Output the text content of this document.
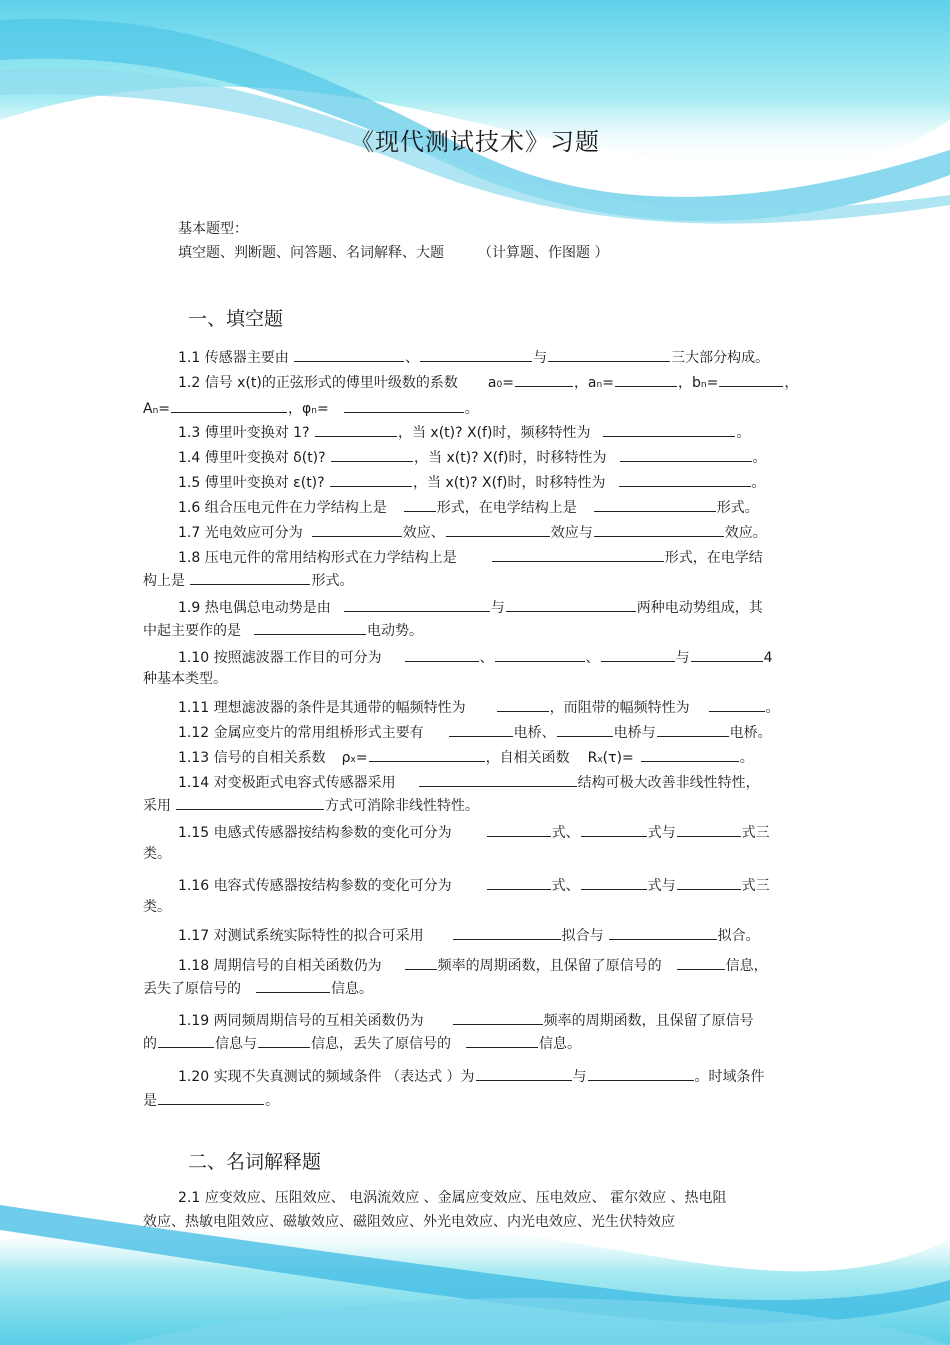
《现代测试技术》习题
基本题型：
填空题、判断题、问答题、名词解释、大题 （计算题、作图题 ）
一、填空题
1.1 传感器主要由	、	与	三大部分构成。
1.2 信号 x(t)的正弦形式的傅里叶级数的系数 a0=	，an=	，bn=	，
An=	，φn=	。
1.3 傅里叶变换对 1?	，当 x(t)? X(f)时，频移特性为	。
1.4 傅里叶变换对 δ(t)?	，当 x(t)? X(f)时，时移特性为	。
1.5 傅里叶变换对 ε(t)?	，当 x(t)? X(f)时，时移特性为	。
1.6 组合压电元件在力学结构上是	形式，在电学结构上是	形式。
1.7 光电效应可分为	效应、	效应与	效应。
1.8 压电元件的常用结构形式在力学结构上是	形式，在电学结
构上是	形式。
1.9 热电偶总电动势是由	与	两种电动势组成，其
中起主要作的是	电动势。
1.10 按照滤波器工作目的可分为	、	、	与	4
种基本类型。
1.11 理想滤波器的条件是其通带的幅频特性为	，而阻带的幅频特性为	。
1.12 金属应变片的常用组桥形式主要有	电桥、	电桥与	电桥。
1.13 信号的自相关系数 ρx=	，自相关函数 Rx(τ)=	。
1.14 对变极距式电容式传感器采用	结构可极大改善非线性特性，
采用	方式可消除非线性特性。
1.15 电感式传感器按结构参数的变化可分为	式、	式与	式三
类。
1.16 电容式传感器按结构参数的变化可分为	式、	式与	式三
类。
1.17 对测试系统实际特性的拟合可采用	拟合与	拟合。
1.18 周期信号的自相关函数仍为	频率的周期函数，且保留了原信号的	信息，
丢失了原信号的	信息。
1.19 两同频周期信号的互相关函数仍为	频率的周期函数，且保留了原信号
的	信息与	信息，丢失了原信号的	信息。
1.20 实现不失真测试的频域条件 （表达式 ）为	与	。时域条件
是	。
二、名词解释题
2.1 应变效应、压阻效应、 电涡流效应 、金属应变效应、压电效应、 霍尔效应 、热电阻
效应、热敏电阻效应、磁敏效应、磁阻效应、外光电效应、内光电效应、光生伏特效应
